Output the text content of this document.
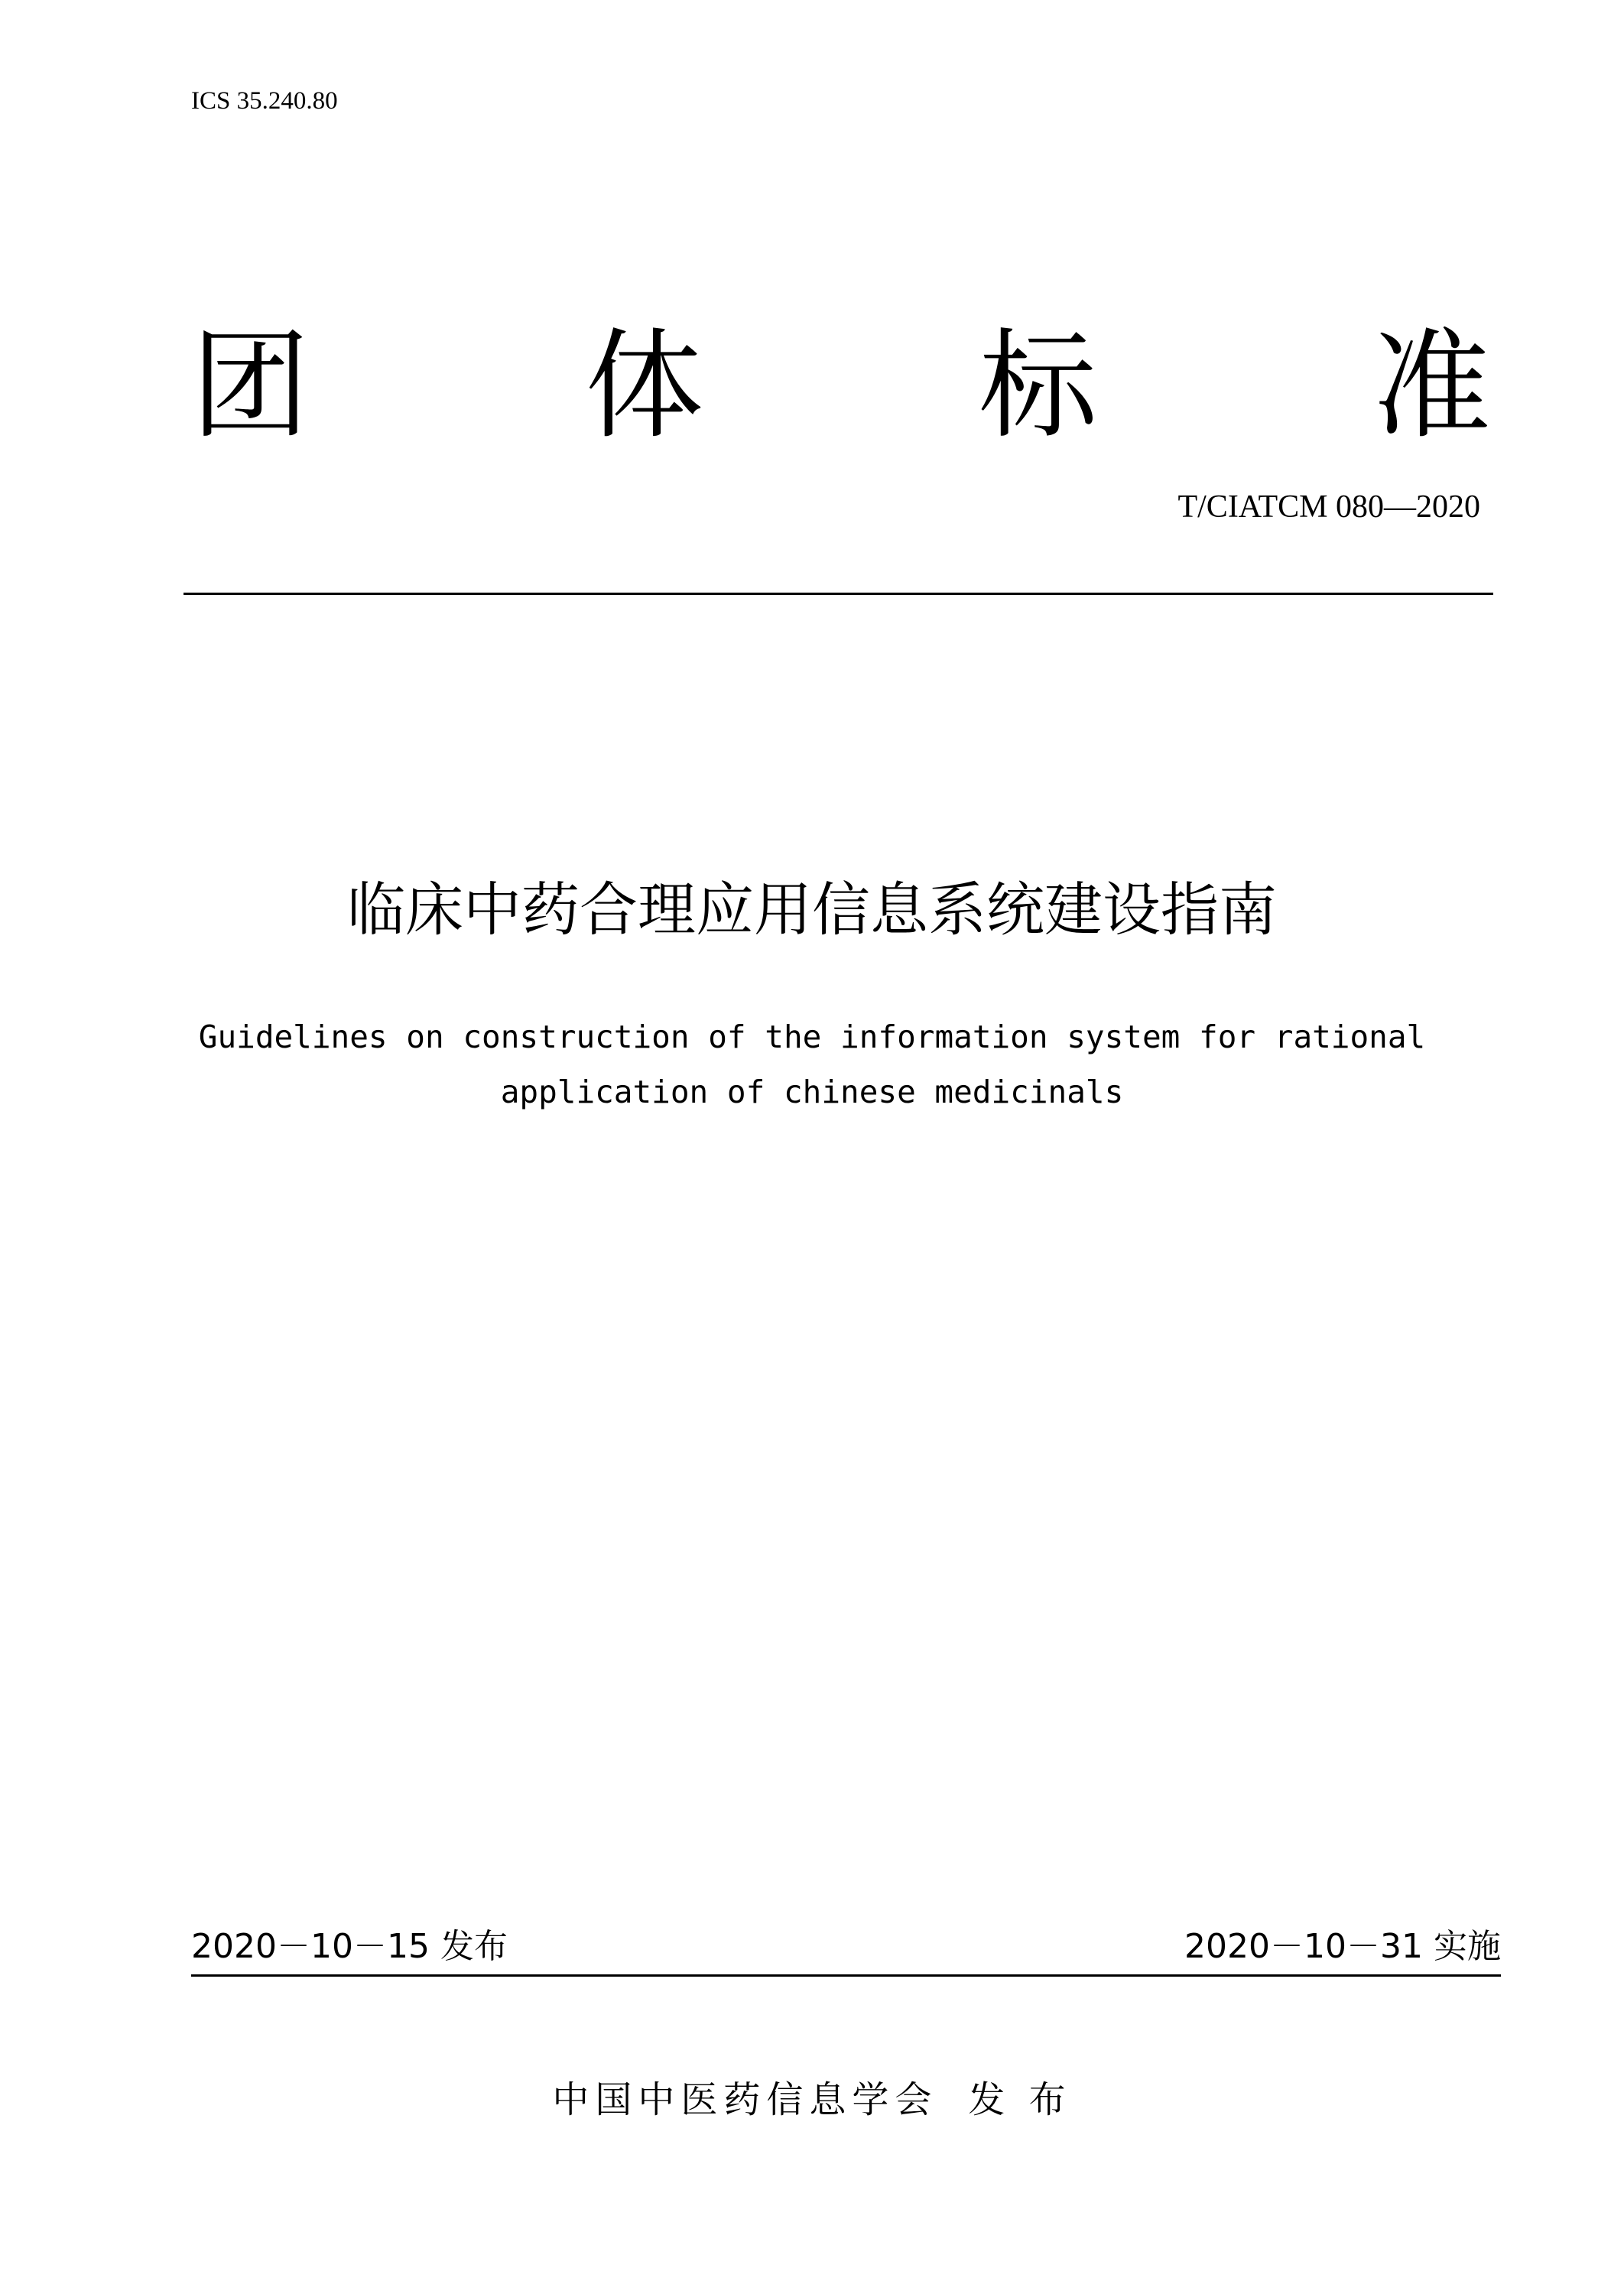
ICS 35.240.80
团 体 标 准
T/CIATCM 080—2020
临床中药合理应用信息系统建设指南
Guidelines on construction of the information system for rational
application of chinese medicinals
2020－10－15 发布	2020－10－31 实施
中国中医药信息学会 发 布
